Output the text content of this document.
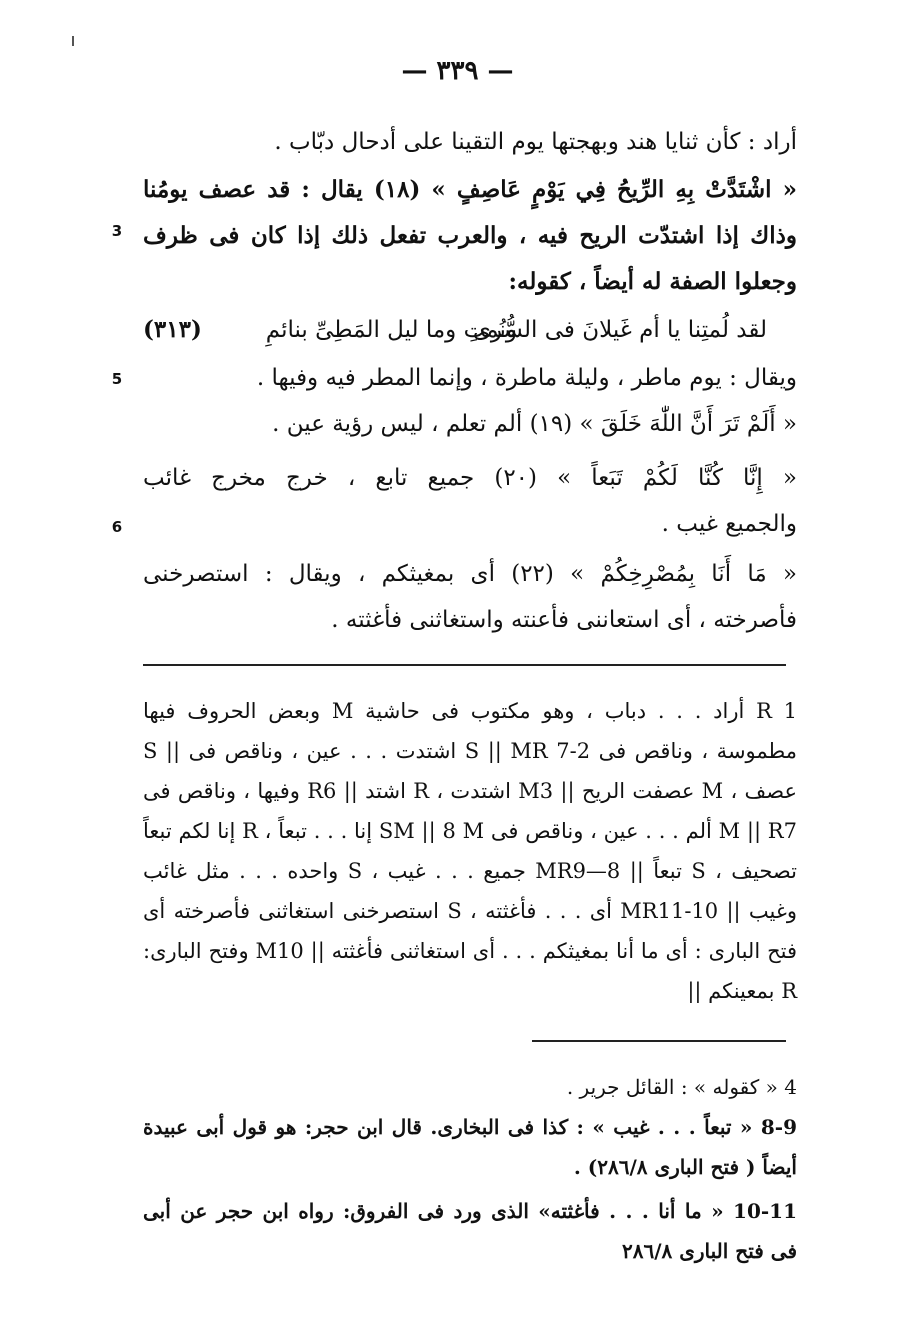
— ٣٣٩ —
أراد : كأن ثنايا هند وبهجتها يوم التقينا على أدحال دبّاب .
« اشْتَدَّتْ بِهِ الرِّيحُ فِي يَوْمٍ عَاصِفٍ » (١٨) يقال : قد عصف يومُنا
وذاك إذا اشتدّت الريح فيه ، والعرب تفعل ذلك إذا كان فى ظرف
وجعلوا الصفة له أيضاً ، كقوله:
لقد لُمتِنا يا أم غَيلانَ فى السُّرى
ونُمتِ وما ليل المَطِىِّ بنائمِ
(٣١٣)
ويقال : يوم ماطر ، وليلة ماطرة ، وإنما المطر فيه وفيها .
« أَلَمْ تَرَ أَنَّ اللّٰهَ خَلَقَ » (١٩) ألم تعلم ، ليس رؤية عين .
« إِنَّا كُنَّا لَكُمْ تَبَعاً » (٢٠) جميع تابع ، خرج مخرج غائب
والجميع غيب .
« مَا أَنَا بِمُصْرِخِكُمْ » (٢٢) أى بمغيثكم ، ويقال : استصرخنى
فأصرخته ، أى استعاننى فأعنته واستغاثنى فأغثته .
3
5
6
R 1 أراد . . . دباب ، وهو مكتوب فى حاشية M وبعض الحروف فيها
مطموسة ، وناقص فى S || MR 7-2 اشتدت . . . عين ، وناقص فى S ||
عصف ، M عصفت الريح || M3 اشتدت ، R اشتد || R6 وفيها ، وناقص فى
M || R7 ألم . . . عين ، وناقص فى SM || 8 M إنا . . . تبعاً ، R إنا لكم تبعاً
تصحيف ، S تبعاً || MR9—8 جميع . . . غيب ، S واحده . . . مثل غائب
وغيب || MR11-10 أى . . . فأغثته ، S استصرخنى استغاثنى فأصرخته أى
فتح البارى : أى ما أنا بمغيثكم . . . أى استغاثنى فأغثته || M10 وفتح البارى:
R بمعينكم ||
4 « كقوله » : القائل جرير .
8-9 « تبعاً . . . غيب » : كذا فى البخارى. قال ابن حجر: هو قول أبى عبيدة
أيضاً ( فتح البارى ٢٨٦/٨) .
10-11 « ما أنا . . . فأغثته» الذى ورد فى الفروق: رواه ابن حجر عن أبى
فى فتح البارى ٢٨٦/٨
